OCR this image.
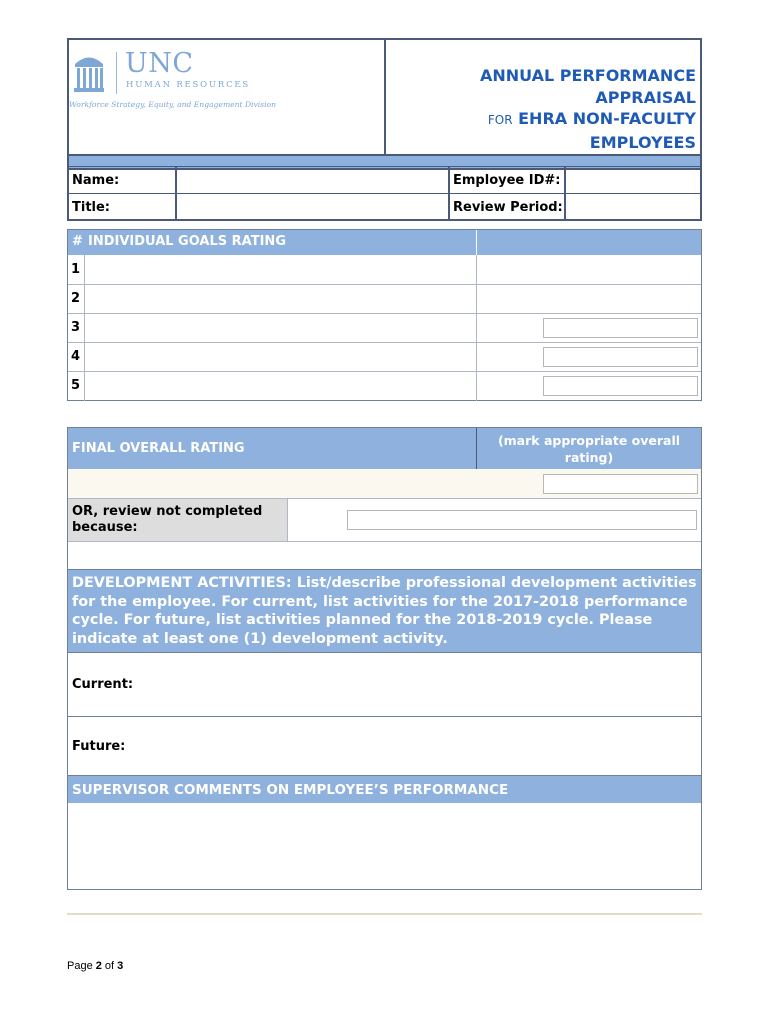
UNC
HUMAN RESOURCES
Workforce Strategy, Equity, and Engagement Division
ANNUAL PERFORMANCE
APPRAISAL
FOR EHRA NON-FACULTY
EMPLOYEES
Name:	Employee ID#:
Title:	Review Period:
# INDIVIDUAL GOALS RATING
1
2
3
4
5
FINAL OVERALL RATING
(mark appropriate overall rating)
OR, review not completed because:
DEVELOPMENT ACTIVITIES: List/describe professional development activities for the employee. For current, list activities for the 2017-2018 performance cycle. For future, list activities planned for the 2018-2019 cycle. Please indicate at least one (1) development activity.
Current:
Future:
SUPERVISOR COMMENTS ON EMPLOYEE’S PERFORMANCE
Page 2 of 3
